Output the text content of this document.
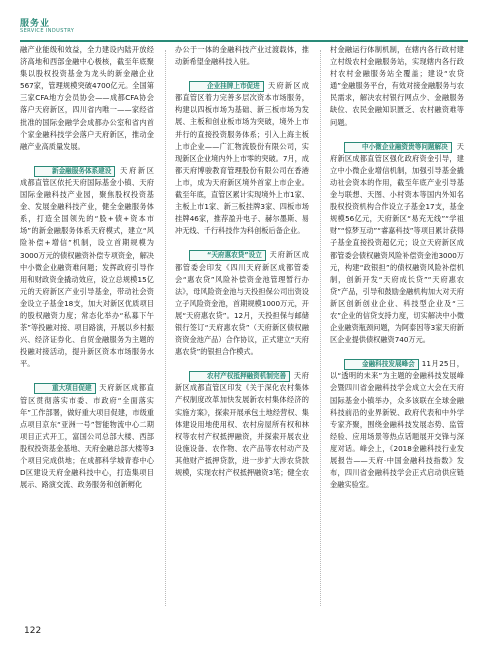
服务业
SERVICE INDUSTRY

融产业能级和效益，全力建设内陆开放经济高地和西部金融中心极核，截至年底聚集以股权投资基金为龙头的新金融企业567家，管理规模突破4700亿元。全国第三家CFA地方会员协会——成都CFA协会落户天府新区，四川省内唯一——家经省批准的国际金融学会成都办公室和省内首个家金融科技学会落户天府新区，推动金融产业高质量发展。

新金融服务体系建设 天府新区成都直管区依托天府国际基金小镇、天府国际金融科技产业园，聚焦股权投资基金、发展金融科技产业，健全金融服务体系，打造全国领先的“股+债+资本市场”的新金融服务体系天府模式，建立“风险补偿+增信”机制，设立首期规模为3000万元的债权融资补偿专项资金，解决中小微企业融资难问题；发挥政府引导作用和财政资金撬动效应，设立总规模15亿元的天府新区产业引导基金，带动社会资金设立子基金18支，加大对新区优质项目的股权融资力度；常态化举办“私募下午茶”等投融对接、项目路演，开展以乡村振兴、经济证券化、自贸金融服务为主题的投融对接活动，提升新区资本市场服务水平。

重大项目促建 天府新区成都直管区贯彻落实市委、市政府“全面落实年”工作部署，做好重大项目促建，市级重点项目京东“亚洲一号”智能物流中心二期项目正式开工，富国公司总部大楼、西部股权投资基金基地、天府金融总部大楼等3个项目完成供地；在成都科学城青春中心D区建设天府金融科技中心，打造集项目展示、路演交流、政务服务和创新孵化

办公于一体的金融科技产业过渡载体，推动新希望金融科技入驻。

企业挂牌上市促进 天府新区成都直管区着力完善多层次资本市场服务，构建以四板市场为基础、新三板市场为发展、主板和创业板市场为突破，境外上市并行的直接投资服务体系；引入上海主板上市企业——广汇物流股份有限公司，实现新区企业境内外上市零的突破。7月，成都天府博骏教育管理股份有限公司在香港上市，成为天府新区境外首家上市企业。截至年底，直管区累计实现境外上市1家、主板上市1家、新三板挂牌3家、四板市场挂牌46家，推荐盈升电子、赫尔墨斯、易冲无线、千行科技作为科创板后备企业。

“天府惠农贷”设立 天府新区成都管委会印发《四川天府新区成都管委会“惠农贷”风险补偿资金池管理暂行办法》，母风险资金池与天投担保公司出资设立子风险资金池，首期规模1000万元，开展“天府惠农贷”。12月，天投担保与邮储银行签订“天府惠农贷”（天府新区债权融资资金池产品）合作协议，正式建立“天府惠农贷”的银担合作模式。

农村产权抵押融资机制完善 天府新区成都直管区印发《关于深化农村集体产权制度改革加快发展新农村集体经济的实施方案》，探索开展承包土地经营权、集体建设用地使用权、农村房屋所有权和林权等农村产权抵押融资，并探索开展农业设施设备、农作物、农产品等农村动产及其他财产抵押贷款，进一步扩大涉农贷款规模，实现农村产权抵押融资3笔；健全农

村金融运行体制机制，在辖内各行政村建立村级农村金融服务站，实现辖内各行政村农村金融服务站全覆盖；建设“农贷通”金融服务平台，有效对接金融服务与农民需求，解决农村银行网点少、金融服务缺位、农民金融知识匮乏、农村融资难等问题。

中小微企业融资贵等问题解决 天府新区成都直管区强化政府资金引导，建立中小微企业增信机制，加强引导基金撬动社会资本的作用，截至年底产业引导基金与联想、天图、小村资本等国内外知名股权投资机构合作设立子基金17支，基金规模56亿元，天府新区“易充无线”“学祖财”“惊梦互动”“睿嘉科技”等项目累计获得子基金直接投资超亿元；设立天府新区成都管委会债权融资风险补偿资金池3000万元，构建“政银担”的债权融资风险补偿机制，创新开发“天府成长贷”“天府惠农贷”产品，引导和鼓励金融机构加大对天府新区创新创业企业、科技型企业及“三农”企业的信贷支持力度，切实解决中小微企业融资瓶颈问题，为阿泰因等3家天府新区企业提供债权融资740万元。

金融科技发展峰会 11月25日，以“透明的未来”为主题的金融科技发展峰会暨四川省金融科技学会成立大会在天府国际基金小镇举办，众多该联在全球金融科技前沿的业界新锐、政府代表和中外学专家齐聚，围绕金融科技发展态势、监管经验、应用场景等热点话题展开交锋与深度对话。峰会上，《2018金融科技行业发展报告——天府·中国金融科技指数》发布，四川省金融科技学会正式启动供应链金融实验室。

122
